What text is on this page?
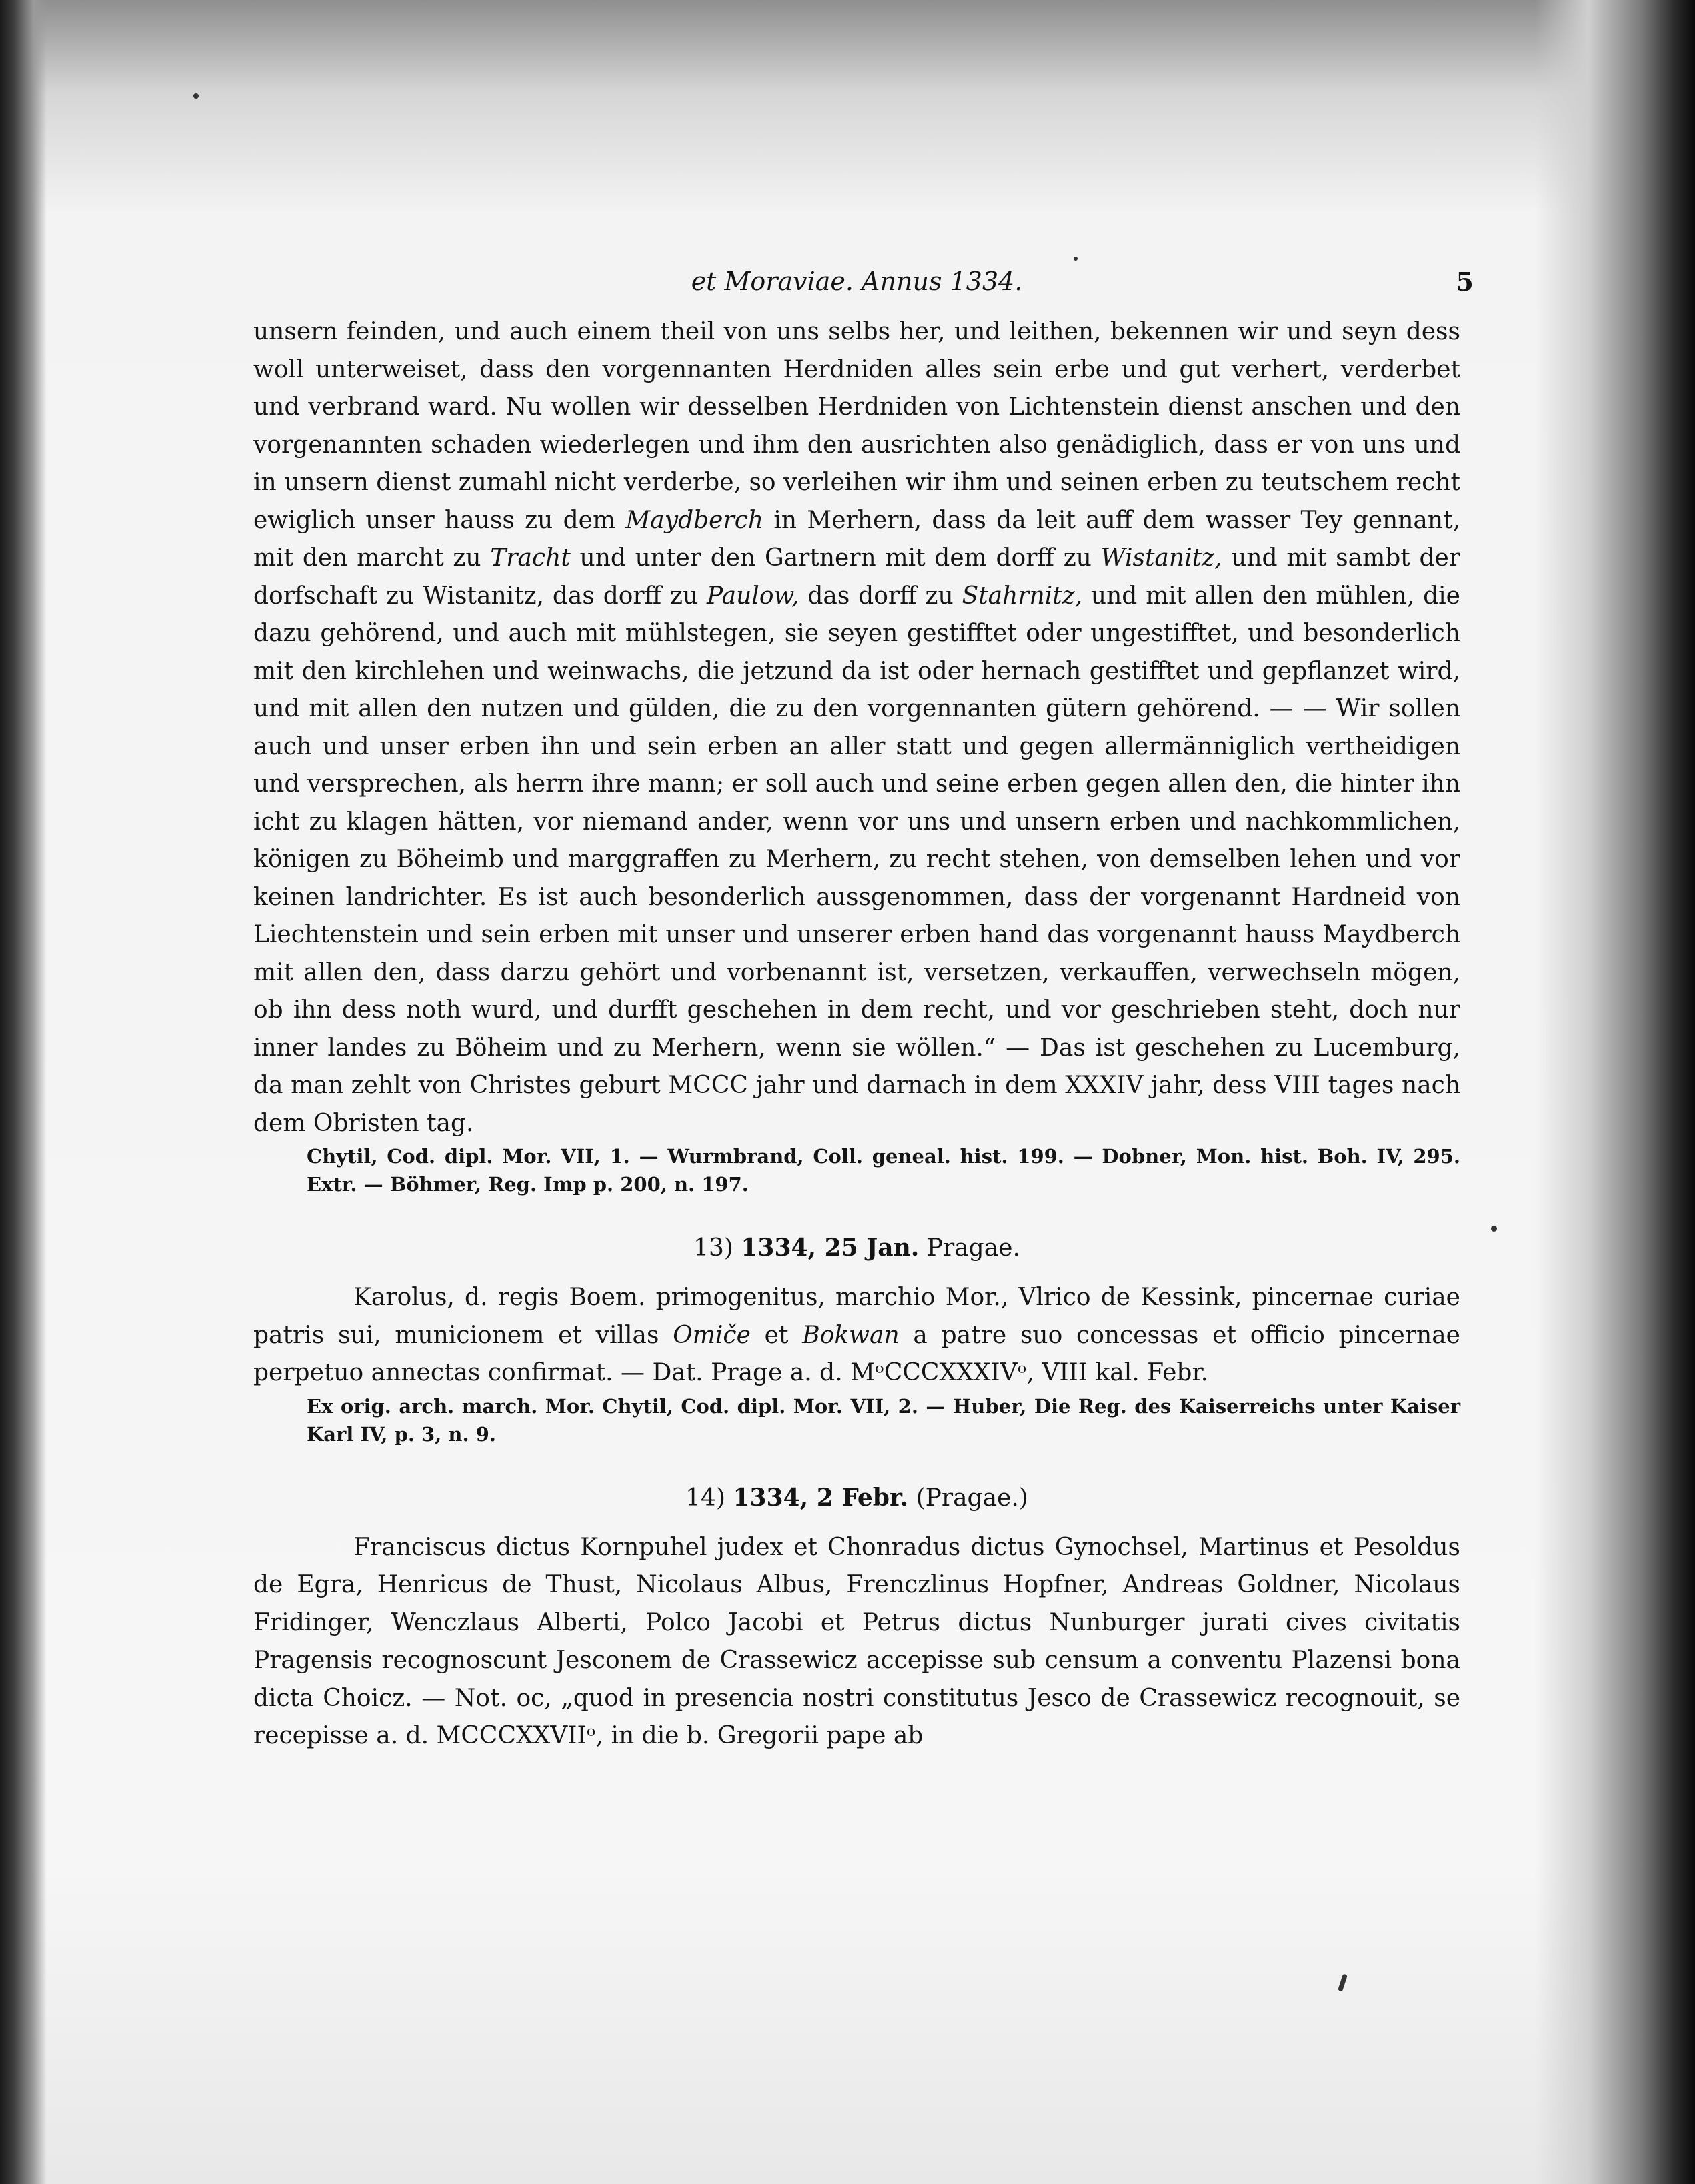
et Moraviae. Annus 1334.	5

unsern feinden, und auch einem theil von uns selbs her, und leithen, bekennen wir und seyn dess woll unterweiset, dass den vorgennanten Herdniden alles sein erbe und gut verhert, verderbet und verbrand ward. Nu wollen wir desselben Herdniden von Lichtenstein dienst anschen und den vorgenannten schaden wiederlegen und ihm den ausrichten also genädiglich, dass er von uns und in unsern dienst zumahl nicht verderbe, so verleihen wir ihm und seinen erben zu teutschem recht ewiglich unser hauss zu dem Maydberch in Merhern, dass da leit auff dem wasser Tey gennant, mit den marcht zu Tracht und unter den Gartnern mit dem dorff zu Wistanitz, und mit sambt der dorfschaft zu Wistanitz, das dorff zu Paulow, das dorff zu Stahrnitz, und mit allen den mühlen, die dazu gehörend, und auch mit mühlstegen, sie seyen gestifftet oder ungestifftet, und besonderlich mit den kirchlehen und weinwachs, die jetzund da ist oder hernach gestifftet und gepflanzet wird, und mit allen den nutzen und gülden, die zu den vorgennanten gütern gehörend. — — Wir sollen auch und unser erben ihn und sein erben an aller statt und gegen allermänniglich vertheidigen und versprechen, als herrn ihre mann; er soll auch und seine erben gegen allen den, die hinter ihn icht zu klagen hätten, vor niemand ander, wenn vor uns und unsern erben und nachkommlichen, königen zu Böheimb und marggraffen zu Merhern, zu recht stehen, von demselben lehen und vor keinen landrichter. Es ist auch besonderlich aussgenommen, dass der vorgenannt Hardneid von Liechtenstein und sein erben mit unser und unserer erben hand das vorgenannt hauss Maydberch mit allen den, dass darzu gehört und vorbenannt ist, versetzen, verkauffen, verwechseln mögen, ob ihn dess noth wurd, und durfft geschehen in dem recht, und vor geschrieben steht, doch nur inner landes zu Böheim und zu Merhern, wenn sie wöllen.“ — Das ist geschehen zu Lucemburg, da man zehlt von Christes geburt MCCC jahr und darnach in dem XXXIV jahr, dess VIII tages nach dem Obristen tag.

Chytil, Cod. dipl. Mor. VII, 1. — Wurmbrand, Coll. geneal. hist. 199. — Dobner, Mon. hist. Boh. IV, 295. Extr. — Böhmer, Reg. Imp p. 200, n. 197.

13) 1334, 25 Jan. Pragae.

Karolus, d. regis Boem. primogenitus, marchio Mor., Vlrico de Kessink, pincernae curiae patris sui, municionem et villas Omiče et Bokwan a patre suo concessas et officio pincernae perpetuo annectas confirmat. — Dat. Prage a. d. MᵒCCCXXXIVᵒ, VIII kal. Febr.

Ex orig. arch. march. Mor. Chytil, Cod. dipl. Mor. VII, 2. — Huber, Die Reg. des Kaiserreichs unter Kaiser Karl IV, p. 3, n. 9.

14) 1334, 2 Febr. (Pragae.)

Franciscus dictus Kornpuhel judex et Chonradus dictus Gynochsel, Martinus et Pesoldus de Egra, Henricus de Thust, Nicolaus Albus, Frenczlinus Hopfner, Andreas Goldner, Nicolaus Fridinger, Wenczlaus Alberti, Polco Jacobi et Petrus dictus Nunburger jurati cives civitatis Pragensis recognoscunt Jesconem de Crassewicz accepisse sub censum a conventu Plazensi bona dicta Choicz. — Not. oc, „quod in presencia nostri constitutus Jesco de Crassewicz recognouit, se recepisse a. d. MCCCXXVIIᵒ, in die b. Gregorii pape ab
